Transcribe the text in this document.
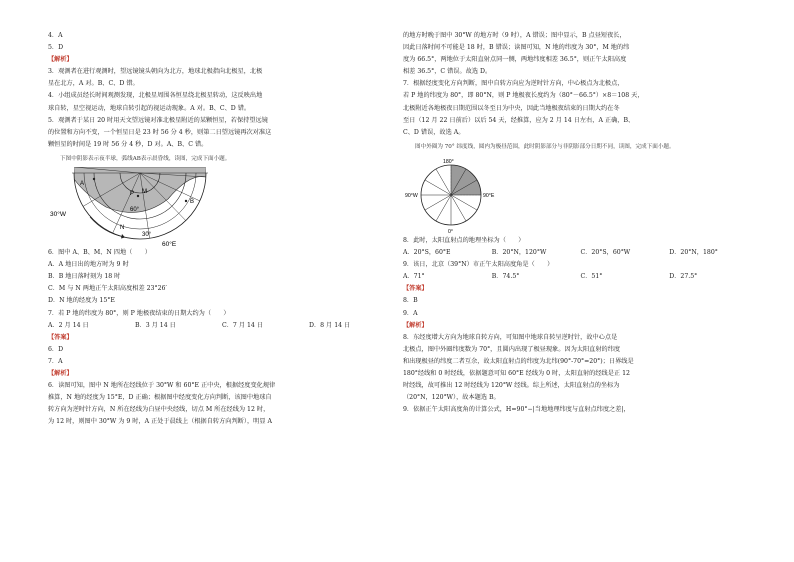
4．A

5．D

【解析】

3．观测者在进行观测时，望远镜镜头朝向为北方，地球北极指向北极星，北极

星在北方，A 对。B、C、D 错。

4．小组成员经长时间观测发现，北极星周围各恒星绕北极星转动，这反映出地

球自转，星空视运动，地球自转引起的视运动现象。A 对。B、C、D 错。

5．观测者于某日 20 时用天文望远镜对准北极星附近的某颗恒星，若保持望远镜

的位置和方向不变，一个恒星日是 23 时 56 分 4 秒，则第二日望远镜再次对准这

颗恒星的时间是 19 时 56 分 4 秒，D 对。A、B、C 错。

下图中阴影表示夜半球，弧线AB表示晨昏线，读图，完成下面小题。

A
B
P M
N
30°W
60°
30°
60°E

6．图中 A、B、M、N 四地（　　）

A．A 地日出的地方时为 9 时

B．B 地日落时刻为 18 时

C．M 与 N 两地正午太阳高度相差 23°26′

D．N 地的经度为 15°E

7．若 P 地的纬度为 80°，则 P 地极夜结束的日期大约为（　　）

A．2 月 14 日	B．3 月 14 日	C．7 月 14 日	D．8 月 14 日

【答案】

6．D

7．A

【解析】

6．读图可知，图中 N 地所在经线位于 30°W 和 60°E 正中央，根据经度变化规律

推算，N 地的经度为 15°E，D 正确；根据图中经度变化方向判断，该图中地球自

转方向为逆时针方向，N 所在经线为白昼中央经线，切点 M 所在经线为 12 时，

为 12 时，则图中 30°W 为 9 时，A 正处于晨线上（根据自转方向判断），明显 A

的地方时晚于图中 30°W 的地方时（9 时），A 错误；图中显示，B 点昼短夜长，

因此日落时间不可能是 18 时，B 错误；读图可知，N 地的纬度为 30°，M 地的纬

度为 66.5°，两地位于太阳直射点同一侧，两地纬度相差 36.5°，则正午太阳高度

相差 36.5°，C 错误。故选 D。

7．根据经度变化方向判断，图中自转方向应为逆时针方向，中心极点为北极点，

若 P 地的纬度为 80°，即 80°N，则 P 地极夜长度约为（80°－66.5°）×8＝108 天，

北极附近各地极夜日期范围以冬至日为中央，因此当地极夜结束的日期大约在冬

至日（12 月 22 日前后）以后 54 天，经推算，应为 2 月 14 日左右，A 正确，B、

C、D 错误，故选 A。

图中外圈为 70° 纬度线，圆内为极昼范围，此时阴影部分与非阴影部分日期不同，读图，完成下面小题。

180°
90°W	90°E
0°

8．此时，太阳直射点的地理坐标为（　　）

A．20°S，60°E	B．20°N，120°W	C．20°S，60°W	D．20°N，180°

9．该日，北京（39°N）市正午太阳高度角是（　　）

A．71°	B．74.5°	C．51°	D．27.5°

【答案】

8．B

9．A

【解析】

8．东经度增大方向为地球自转方向，可知图中地球自转呈逆时针，故中心点是

北极点，图中外圈纬度数为 70°，且圆内出现了极昼现象。因为太阳直射的纬度

和出现极昼的纬度二者互余，故太阳直射点的纬度为北纬(90°-70°=20°)；日界线是

180°经线和 0 时经线，依据题意可知 60°E 经线为 0 时，太阳直射的经线是正 12

时经线，故可推出 12 时经线为 120°W 经线。综上所述，太阳直射点的坐标为

（20°N，120°W），故本题选 B。

9．依据正午太阳高度角的计算公式，H=90°−|当地地理纬度与直射点纬度之差|，
